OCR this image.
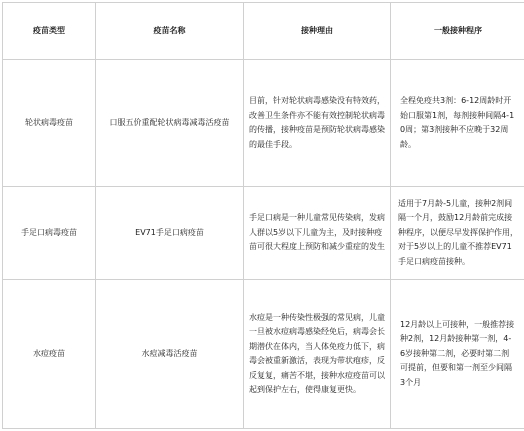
疫苗类型	疫苗名称	接种理由	一般接种程序
轮状病毒疫苗	口服五价重配轮状病毒减毒活疫苗	目前，针对轮状病毒感染没有特效药，改善卫生条件亦不能有效控制轮状病毒的传播，接种疫苗是预防轮状病毒感染的最佳手段。	全程免疫共3剂：6-12周龄时开始口服第1剂，每剂接种间隔4-10周；第3剂接种不应晚于32周龄。

手足口病毒疫苗	EV71手足口病疫苗	手足口病是一种儿童常见传染病，发病人群以5岁以下儿童为主，及时接种疫苗可很大程度上预防和减少重症的发生	适用于7月龄-5儿童，接种2剂间隔一个月，鼓励12月龄前完成接种程序，以便尽早发挥保护作用，对于5岁以上的儿童不推荐EV71手足口病疫苗接种。

水痘疫苗	水痘减毒活疫苗	水痘是一种传染性极强的常见病，儿童一旦被水痘病毒感染经免后，病毒会长期潜伏在体内，当人体免疫力低下，病毒会被重新激活，表现为带状疱疹，反反复复，痛苦不堪，接种水痘疫苗可以起到保护左右，使得康复更快。	12月龄以上可接种，一般推荐接种2剂，12月龄接种第一剂，4-6岁接种第二剂，必要时第二剂可提前，但要和第一剂至少间隔3个月
